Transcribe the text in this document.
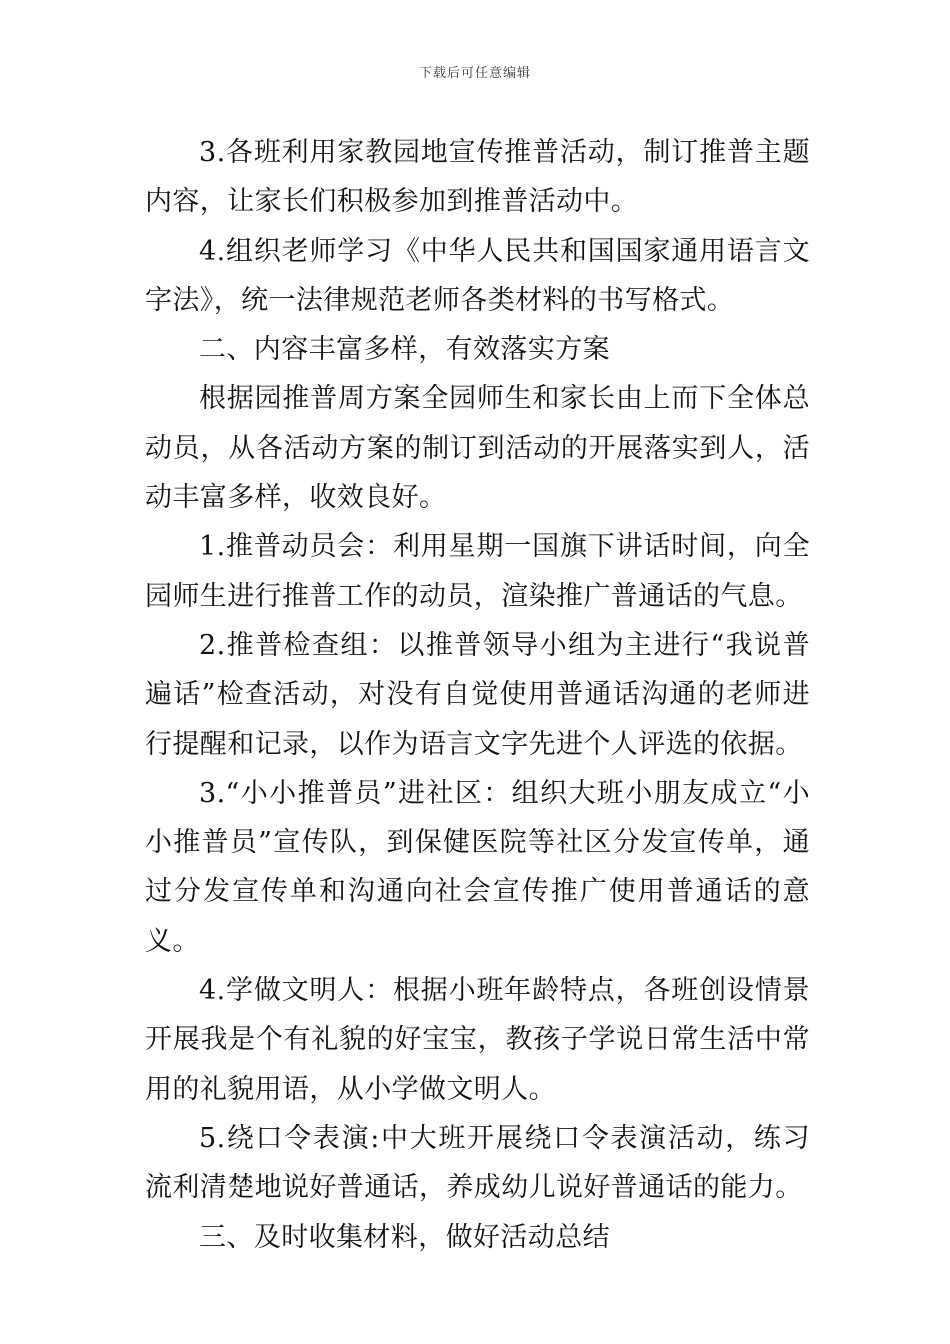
下载后可任意编辑

3.各班利用家教园地宣传推普活动，制订推普主题内容，让家长们积极参加到推普活动中。

4.组织老师学习《中华人民共和国国家通用语言文字法》，统一法律规范老师各类材料的书写格式。

二、内容丰富多样，有效落实方案

根据园推普周方案全园师生和家长由上而下全体总动员，从各活动方案的制订到活动的开展落实到人，活动丰富多样，收效良好。

1.推普动员会：利用星期一国旗下讲话时间，向全园师生进行推普工作的动员，渲染推广普通话的气息。

2.推普检查组：以推普领导小组为主进行“我说普遍话”检查活动，对没有自觉使用普通话沟通的老师进行提醒和记录，以作为语言文字先进个人评选的依据。

3.“小小推普员”进社区：组织大班小朋友成立“小小推普员”宣传队，到保健医院等社区分发宣传单，通过分发宣传单和沟通向社会宣传推广使用普通话的意义。

4.学做文明人：根据小班年龄特点，各班创设情景开展我是个有礼貌的好宝宝，教孩子学说日常生活中常用的礼貌用语，从小学做文明人。

5.绕口令表演:中大班开展绕口令表演活动，练习流利清楚地说好普通话，养成幼儿说好普通话的能力。

三、及时收集材料，做好活动总结
